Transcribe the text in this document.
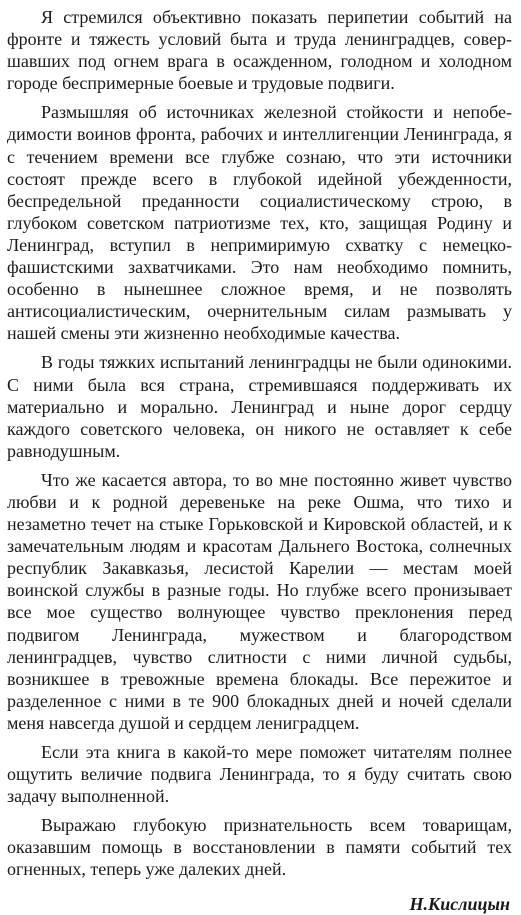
Я стремился объективно показать перипетии событий на фронте и тяжесть условий быта и труда ленинградцев, совершавших под огнем врага в осажденном, голодном и холодном городе беспримерные боевые и трудовые подвиги.

Размышляя об источниках железной стойкости и непобедимости воинов фронта, рабочих и интеллигенции Ленинграда, я с течением времени все глубже сознаю, что эти источники состоят прежде всего в глубокой идейной убежденности, беспредельной преданности социалистическому строю, в глубоком советском патриотизме тех, кто, защищая Родину и Ленинград, вступил в непримиримую схватку с немецко-фашистскими захватчиками. Это нам необходимо помнить, особенно в нынешнее сложное время, и не позволять антисоциалистическим, очернительным силам размывать у нашей смены эти жизненно необходимые качества.

В годы тяжких испытаний ленинградцы не были одинокими. С ними была вся страна, стремившаяся поддерживать их материально и морально. Ленинград и ныне дорог сердцу каждого советского человека, он никого не оставляет к себе равнодушным.

Что же касается автора, то во мне постоянно живет чувство любви и к родной деревеньке на реке Ошма, что тихо и незаметно течет на стыке Горьковской и Кировской областей, и к замечательным людям и красотам Дальнего Востока, солнечных республик Закавказья, лесистой Карелии — местам моей воинской службы в разные годы. Но глубже всего пронизывает все мое существо волнующее чувство преклонения перед подвигом Ленинграда, мужеством и благородством ленинградцев, чувство слитности с ними личной судьбы, возникшее в тревожные времена блокады. Все пережитое и разделенное с ними в те 900 блокадных дней и ночей сделали меня навсегда душой и сердцем лениградцем.

Если эта книга в какой-то мере поможет читателям полнее ощутить величие подвига Ленинграда, то я буду считать свою задачу выполненной.

Выражаю глубокую признательность всем товарищам, оказавшим помощь в восстановлении в памяти событий тех огненных, теперь уже далеких дней.

Н.Кислицын
